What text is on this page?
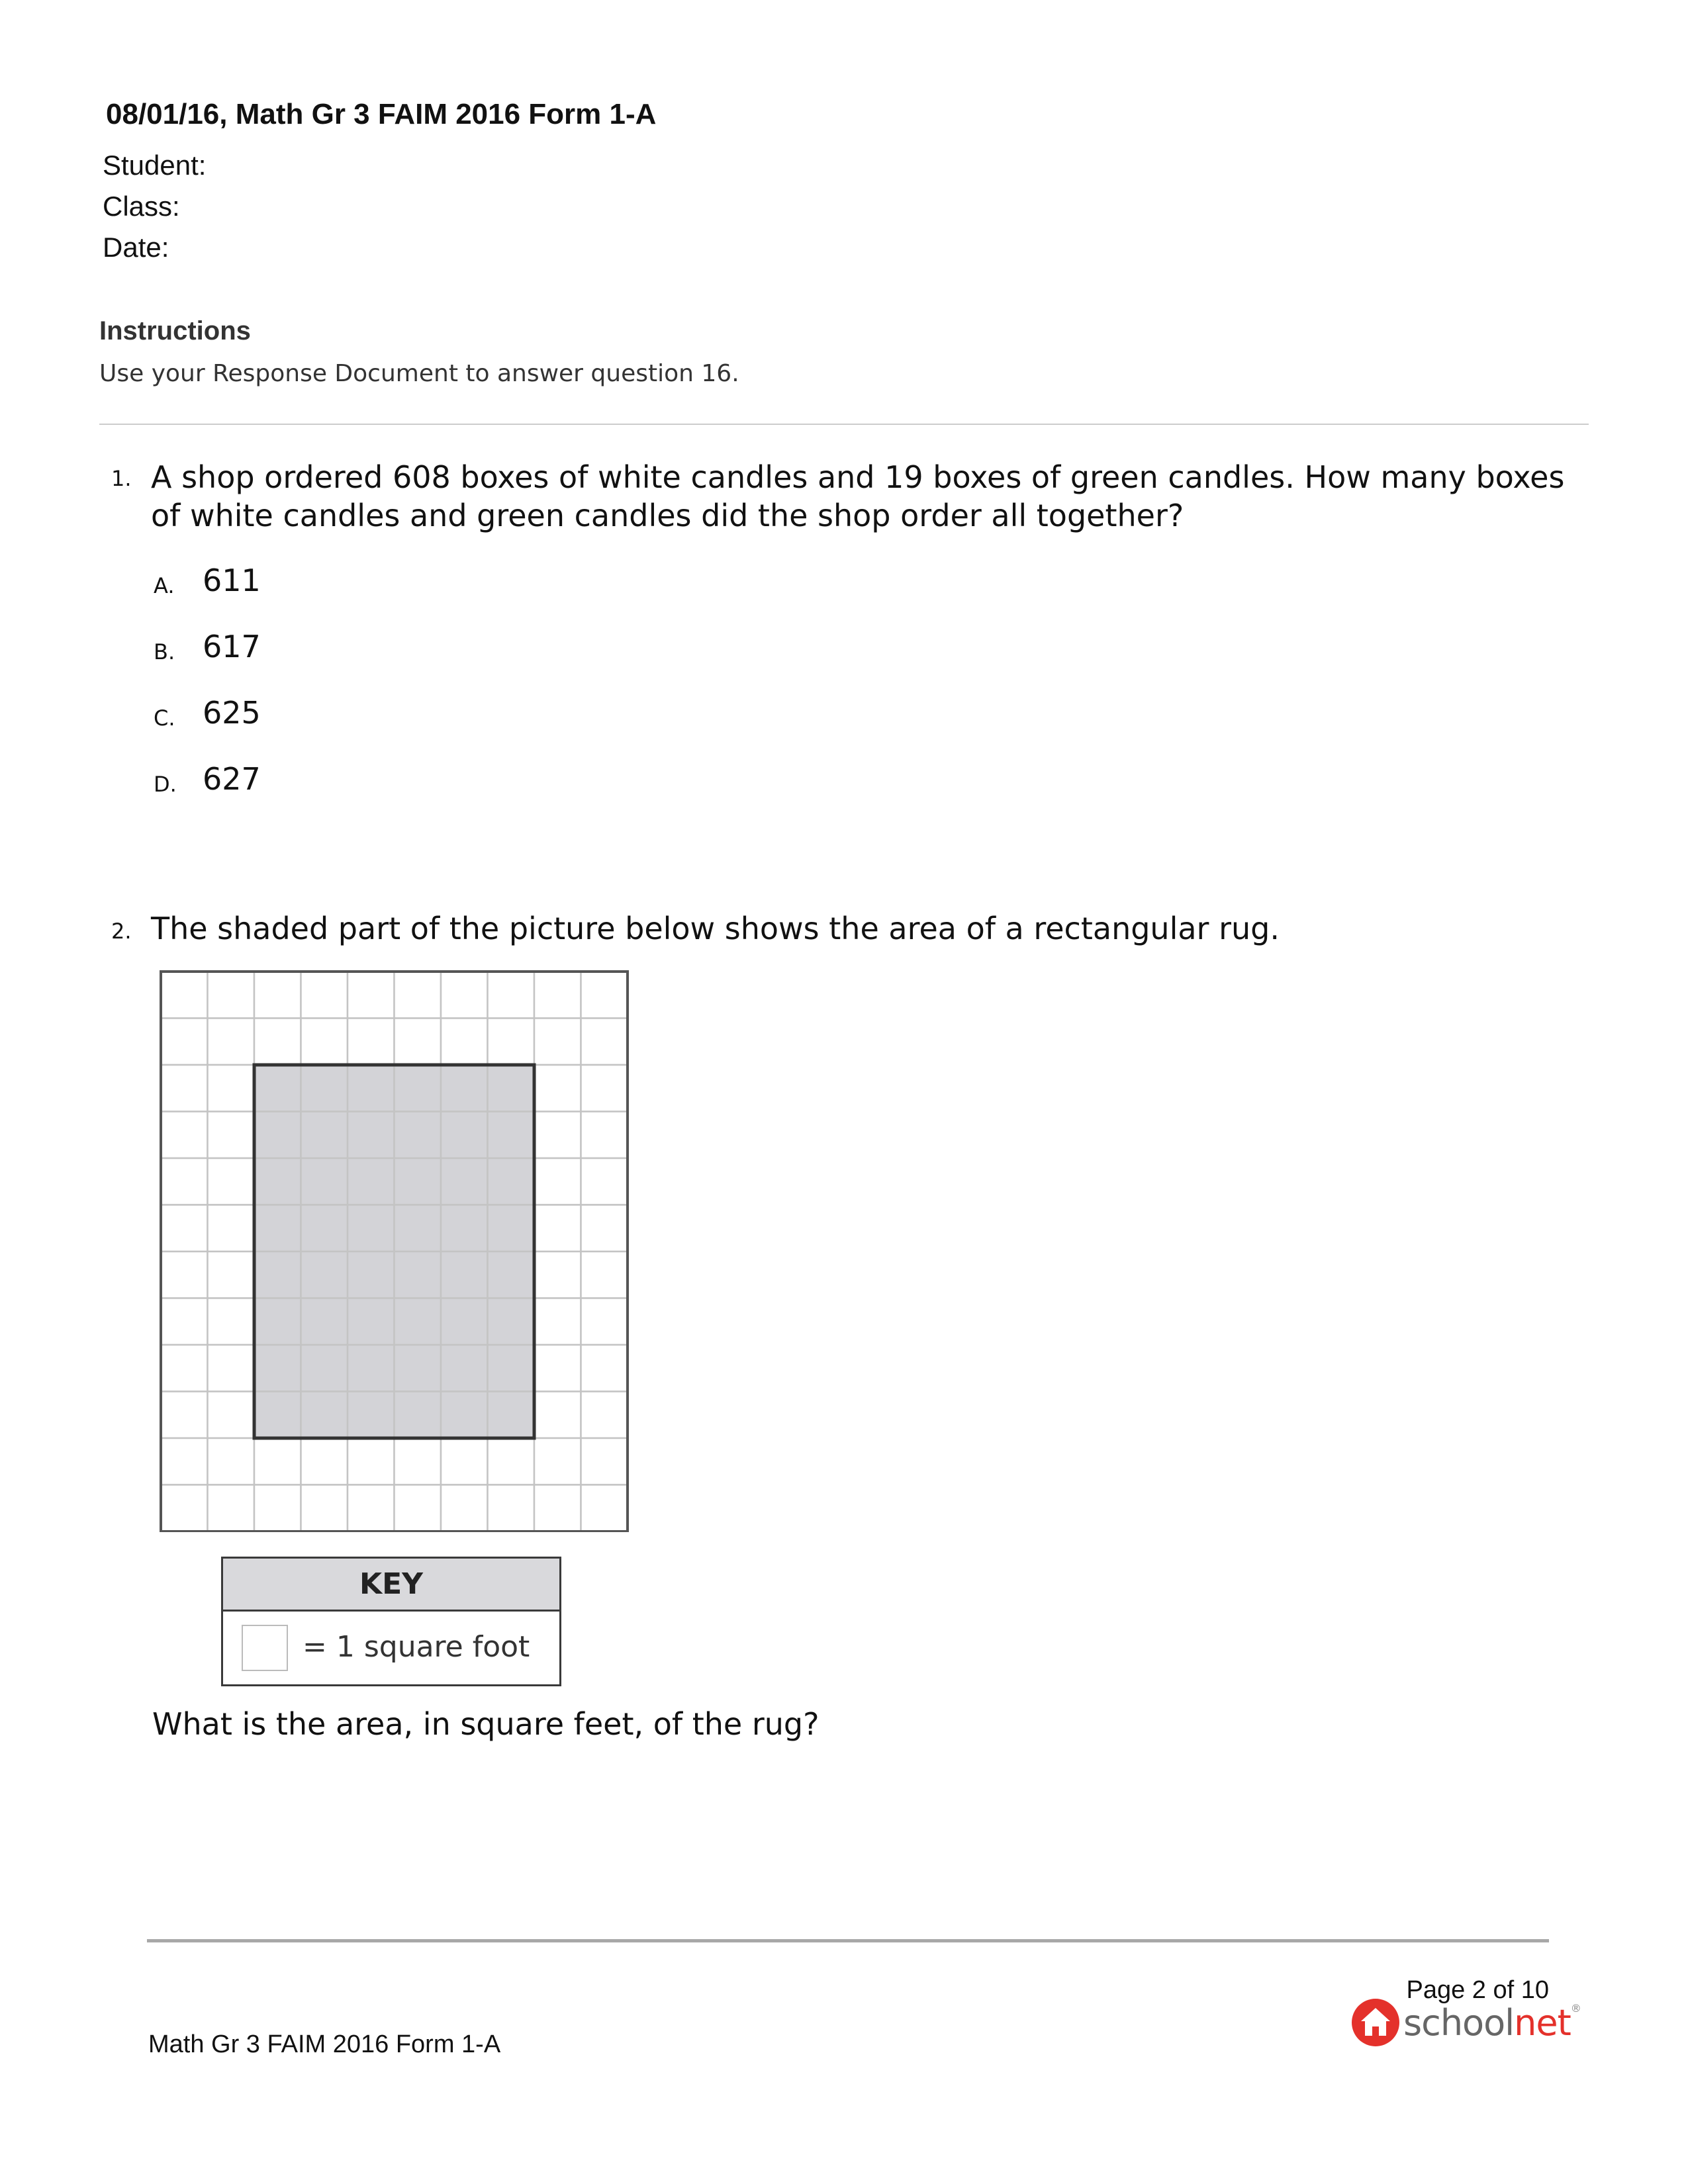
08/01/16, Math Gr 3 FAIM 2016 Form 1-A
Student:
Class:
Date:
Instructions
Use your Response Document to answer question 16.
1. A shop ordered 608 boxes of white candles and 19 boxes of green candles. How many boxes
of white candles and green candles did the shop order all together?
A. 611
B. 617
C. 625
D. 627
2. The shaded part of the picture below shows the area of a rectangular rug.
KEY
= 1 square foot
What is the area, in square feet, of the rug?
Page 2 of 10
Math Gr 3 FAIM 2016 Form 1-A
schoolnet®
